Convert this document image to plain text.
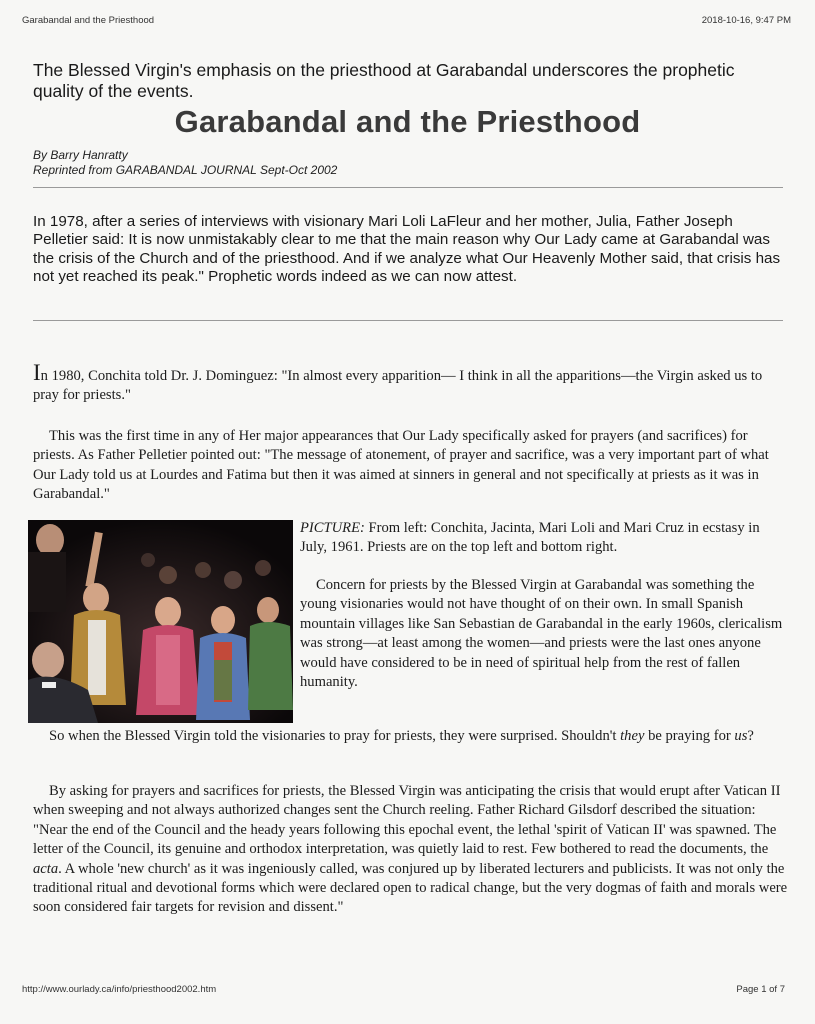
Garabandal and the Priesthood	2018-10-16, 9:47 PM
The Blessed Virgin's emphasis on the priesthood at Garabandal underscores the prophetic quality of the events.
Garabandal and the Priesthood
By Barry Hanratty
Reprinted from GARABANDAL JOURNAL Sept-Oct 2002
In 1978, after a series of interviews with visionary Mari Loli LaFleur and her mother, Julia, Father Joseph Pelletier said: It is now unmistakably clear to me that the main reason why Our Lady came at Garabandal was the crisis of the Church and of the priesthood. And if we analyze what Our Heavenly Mother said, that crisis has not yet reached its peak." Prophetic words indeed as we can now attest.
In 1980, Conchita told Dr. J. Dominguez: "In almost every apparition— I think in all the apparitions—the Virgin asked us to pray for priests."
This was the first time in any of Her major appearances that Our Lady specifically asked for prayers (and sacrifices) for priests. As Father Pelletier pointed out: "The message of atonement, of prayer and sacrifice, was a very important part of what Our Lady told us at Lourdes and Fatima but then it was aimed at sinners in general and not specifically at priests as it was in Garabandal."
PICTURE: From left: Conchita, Jacinta, Mari Loli and Mari Cruz in ecstasy in July, 1961. Priests are on the top left and bottom right.
Concern for priests by the Blessed Virgin at Garabandal was something the young visionaries would not have thought of on their own. In small Spanish mountain villages like San Sebastian de Garabandal in the early 1960s, clericalism was strong—at least among the women—and priests were the last ones anyone would have considered to be in need of spiritual help from the rest of fallen humanity.
So when the Blessed Virgin told the visionaries to pray for priests, they were surprised. Shouldn't they be praying for us?
By asking for prayers and sacrifices for priests, the Blessed Virgin was anticipating the crisis that would erupt after Vatican II when sweeping and not always authorized changes sent the Church reeling. Father Richard Gilsdorf described the situation: "Near the end of the Council and the heady years following this epochal event, the lethal 'spirit of Vatican II' was spawned. The letter of the Council, its genuine and orthodox interpretation, was quietly laid to rest. Few bothered to read the documents, the acta. A whole 'new church' as it was ingeniously called, was conjured up by liberated lecturers and publicists. It was not only the traditional ritual and devotional forms which were declared open to radical change, but the very dogmas of faith and morals were soon considered fair targets for revision and dissent."
http://www.ourlady.ca/info/priesthood2002.htm	Page 1 of 7
